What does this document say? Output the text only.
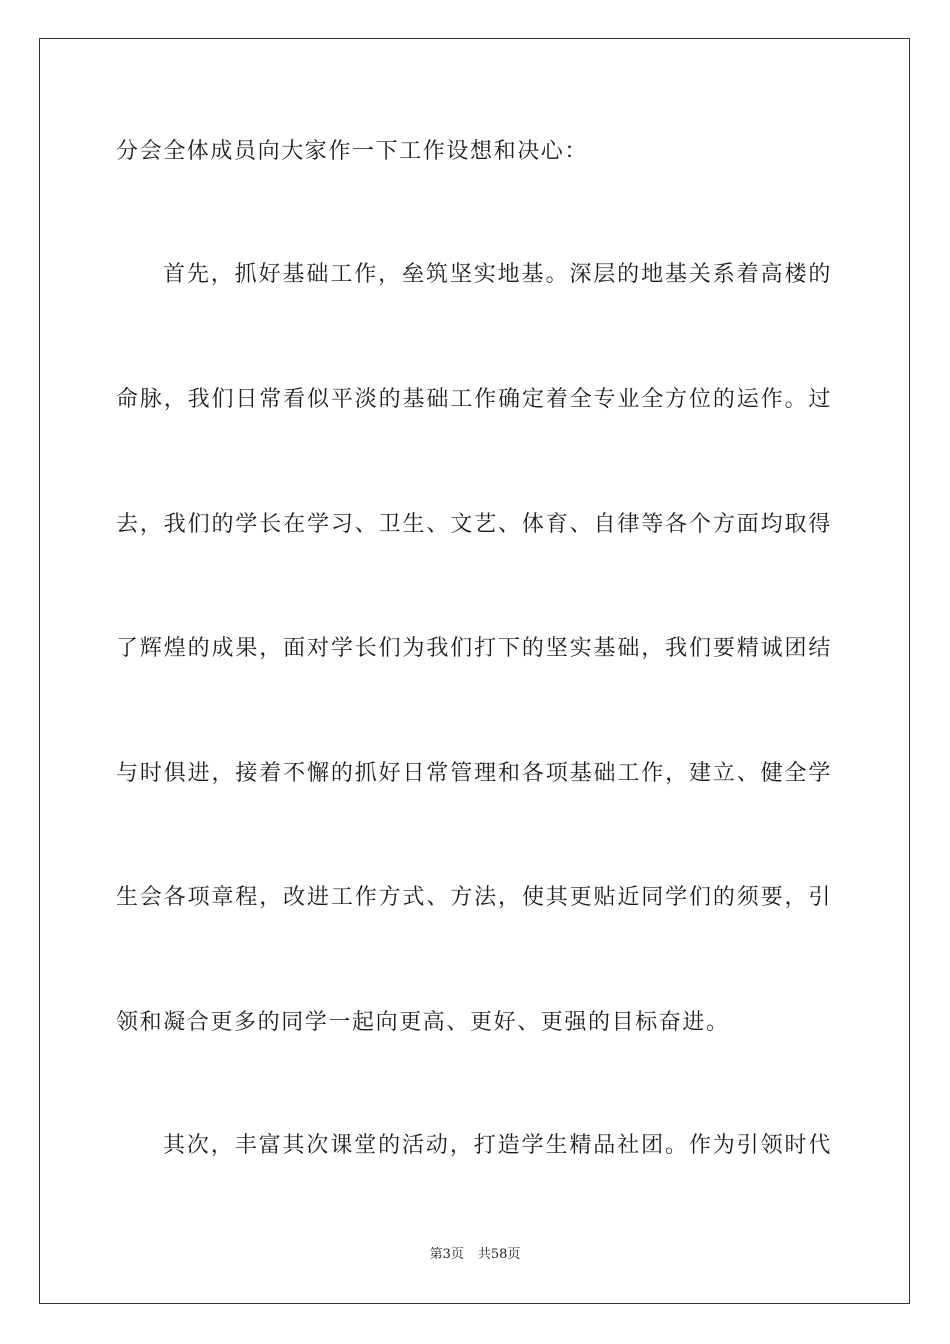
分会全体成员向大家作一下工作设想和决心：
首先，抓好基础工作，垒筑坚实地基。深层的地基关系着高楼的
命脉，我们日常看似平淡的基础工作确定着全专业全方位的运作。过
去，我们的学长在学习、卫生、文艺、体育、自律等各个方面均取得
了辉煌的成果，面对学长们为我们打下的坚实基础，我们要精诚团结
与时俱进，接着不懈的抓好日常管理和各项基础工作，建立、健全学
生会各项章程，改进工作方式、方法，使其更贴近同学们的须要，引
领和凝合更多的同学一起向更高、更好、更强的目标奋进。
其次，丰富其次课堂的活动，打造学生精品社团。作为引领时代
第3页 共58页
